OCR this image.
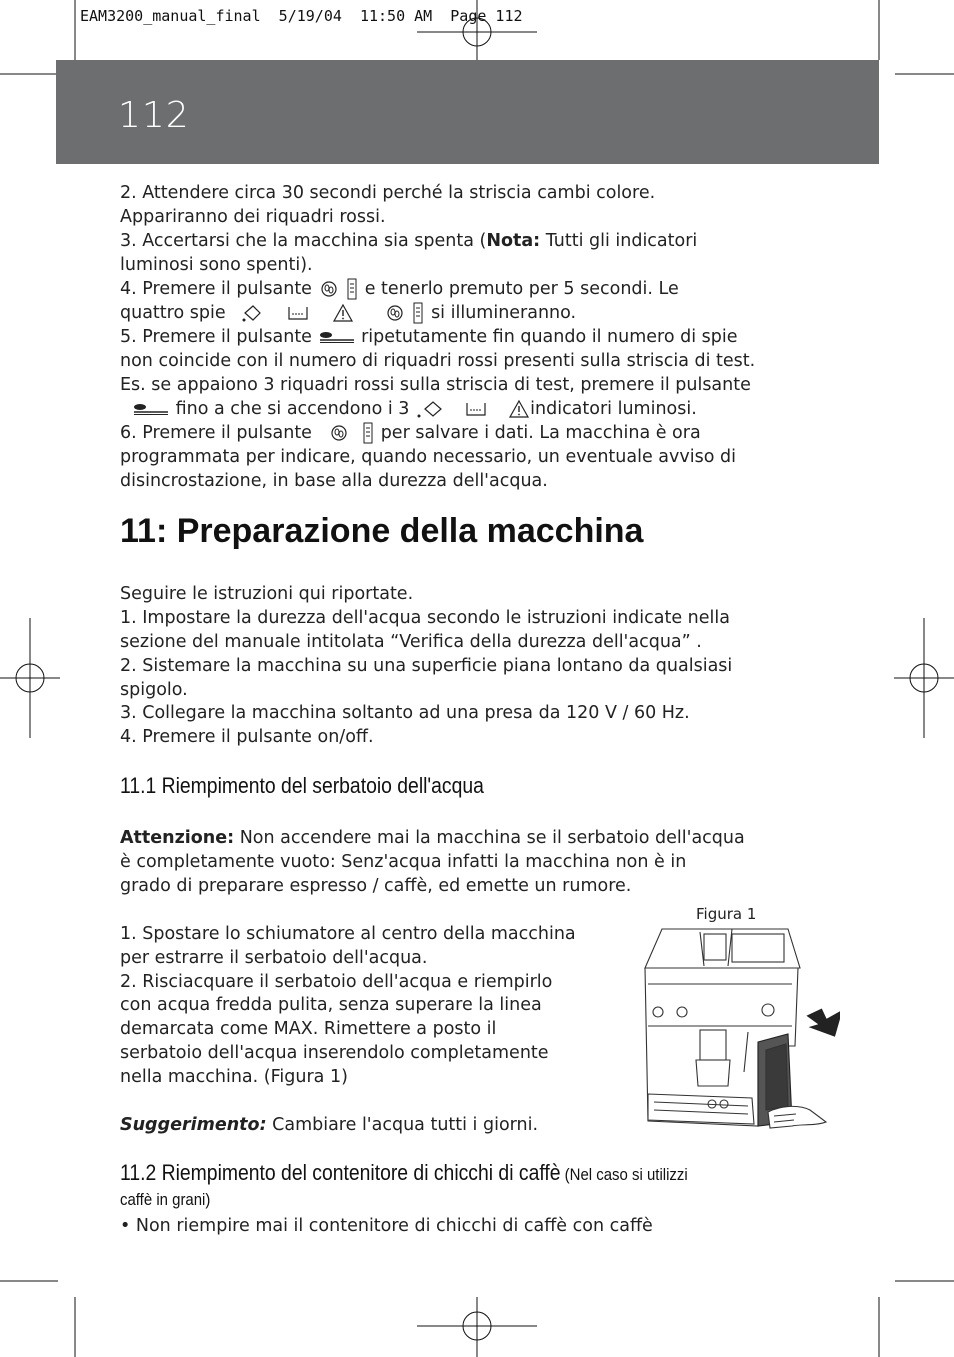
EAM3200_manual_final  5/19/04  11:50 AM  Page 112
112
2. Attendere circa 30 secondi perché la striscia cambi colore.
Appariranno dei riquadri rossi.
3. Accertarsi che la macchina sia spenta (Nota: Tutti gli indicatori
luminosi sono spenti).
4. Premere il pulsante
	e tenerlo premuto per 5 secondi. Le
quattro spie

	si illumineranno.
5. Premere il pulsante	ripetutamente fin quando il numero di spie
non coincide con il numero di riquadri rossi presenti sulla striscia di test.
Es. se appaiono 3 riquadri rossi sulla striscia di test, premere il pulsante
fino a che si accendono i 3

	indicatori luminosi.
6. Premere il pulsante
	per salvare i dati. La macchina è ora
programmata per indicare, quando necessario, un eventuale avviso di
disincrostazione, in base alla durezza dell'acqua.
11: Preparazione della macchina
Seguire le istruzioni qui riportate.
1. Impostare la durezza dell'acqua secondo le istruzioni indicate nella
sezione del manuale intitolata “Verifica della durezza dell'acqua” .
2. Sistemare la macchina su una superficie piana lontano da qualsiasi
spigolo.
3. Collegare la macchina soltanto ad una presa da 120 V / 60 Hz.
4. Premere il pulsante on/off.
11.1 Riempimento del serbatoio dell'acqua
Attenzione: Non accendere mai la macchina se il serbatoio dell'acqua
è completamente vuoto: Senz'acqua infatti la macchina non è in
grado di preparare espresso / caffè, ed emette un rumore.
1. Spostare lo schiumatore al centro della macchina
per estrarre il serbatoio dell'acqua.
2. Risciacquare il serbatoio dell'acqua e riempirlo
con acqua fredda pulita, senza superare la linea
demarcata come MAX. Rimettere a posto il
serbatoio dell'acqua inserendolo completamente
nella macchina. (Figura 1)
Suggerimento: Cambiare l'acqua tutti i giorni.
Figura 1
11.2 Riempimento del contenitore di chicchi di caffè (Nel caso si utilizzi
caffè in grani)
• Non riempire mai il contenitore di chicchi di caffè con caffè
